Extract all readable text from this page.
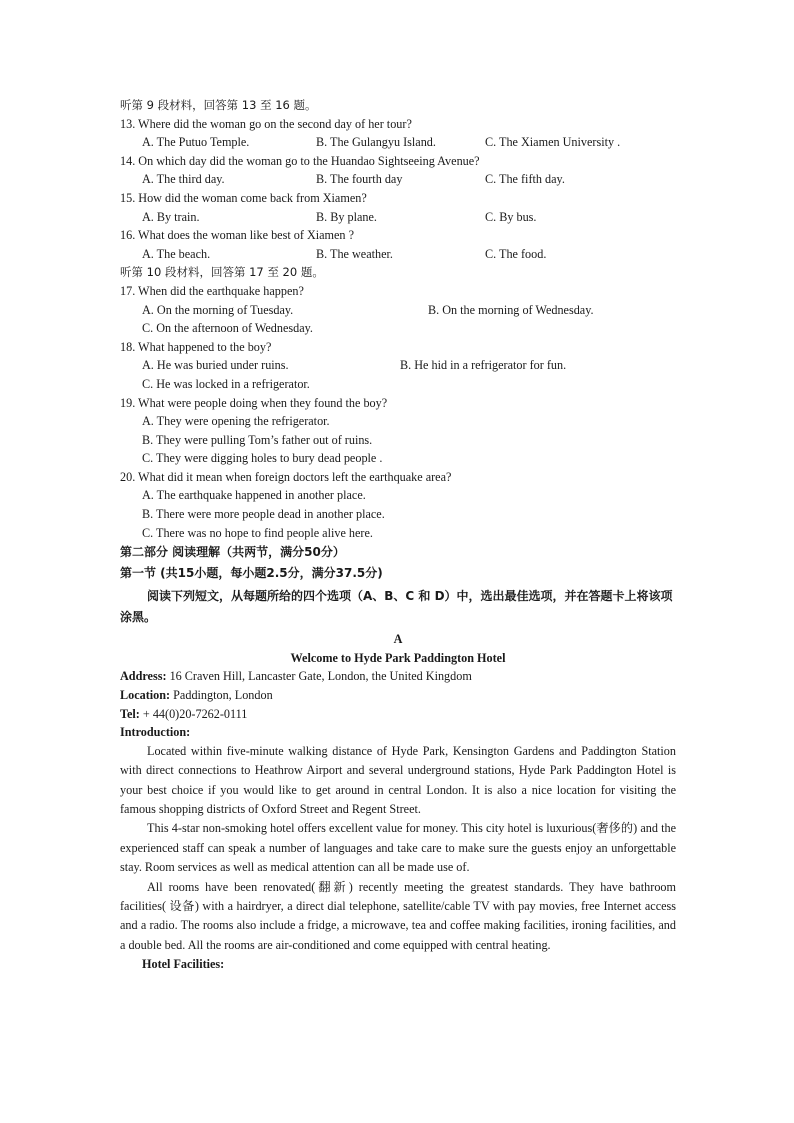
听第 9 段材料，回答第 13 至 16 题。
13. Where did the woman go on the second day of her tour?
A. The Putuo Temple.	B. The Gulangyu Island.	C. The Xiamen University .
14. On which day did the woman go to the Huandao Sightseeing Avenue?
A. The third day.	B. The fourth day	C. The fifth day.
15. How did the woman come back from Xiamen?
A. By train.	B. By plane.	C. By bus.
16. What does the woman like best of Xiamen ?
A. The beach.	B. The weather.	C. The food.
听第 10 段材料，回答第 17 至 20 题。
17. When did the earthquake happen?
A. On the morning of Tuesday.	B. On the morning of Wednesday.
C. On the afternoon of Wednesday.
18. What happened to the boy?
A. He was buried under ruins.	B. He hid in a refrigerator for fun.
C. He was locked in a refrigerator.
19. What were people doing when they found the boy?
A. They were opening the refrigerator.
B. They were pulling Tom’s father out of ruins.
C. They were digging holes to bury dead people .
20. What did it mean when foreign doctors left the earthquake area?
A. The earthquake happened in another place.
B. There were more people dead in another place.
C. There was no hope to find people alive here.
第二部分 阅读理解（共两节，满分50分）
第一节 (共15小题，每小题2.5分，满分37.5分)
阅读下列短文，从每题所给的四个选项（A、B、C 和 D）中，选出最佳选项，并在答题卡上将该项涂黑。
A
Welcome to Hyde Park Paddington Hotel
Address: 16 Craven Hill, Lancaster Gate, London, the United Kingdom
Location: Paddington, London
Tel: + 44(0)20-7262-0111
Introduction:
Located within five-minute walking distance of Hyde Park, Kensington Gardens and Paddington Station with direct connections to Heathrow Airport and several underground stations, Hyde Park Paddington Hotel is your best choice if you would like to get around in central London. It is also a nice location for visiting the famous shopping districts of Oxford Street and Regent Street.
This 4-star non-smoking hotel offers excellent value for money. This city hotel is luxurious(奢侈的) and the experienced staff can speak a number of languages and take care to make sure the guests enjoy an unforgettable stay. Room services as well as medical attention can all be made use of.
All rooms have been renovated(翻新) recently meeting the greatest standards. They have bathroom facilities( 设备) with a hairdryer, a direct dial telephone, satellite/cable TV with pay movies, free Internet access and a radio. The rooms also include a fridge, a microwave, tea and coffee making facilities, ironing facilities, and a double bed. All the rooms are air-conditioned and come equipped with central heating.
Hotel Facilities:
